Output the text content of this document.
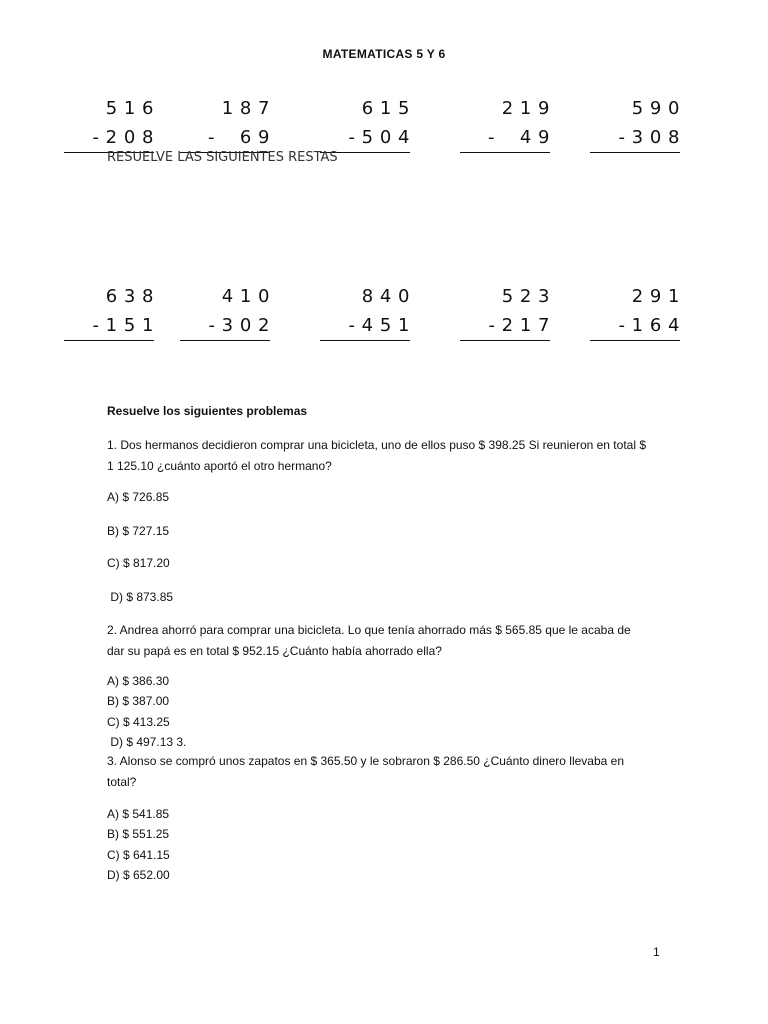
MATEMATICAS 5 Y 6
5 1 6
- 2 0 8
1 8 7
-    6 9
6 1 5
- 5 0 4
2 1 9
-    4 9
5 9 0
- 3 0 8
RESUELVE LAS SIGUIENTES RESTAS
6 3 8
- 1 5 1
4 1 0
- 3 0 2
8 4 0
- 4 5 1
5 2 3
- 2 1 7
2 9 1
- 1 6 4
Resuelve los siguientes problemas
1. Dos hermanos decidieron comprar una bicicleta, uno de ellos puso $ 398.25 Si reunieron en total $ 1 125.10 ¿cuánto aportó el otro hermano?
A) $ 726.85
B) $ 727.15
C) $ 817.20
D) $ 873.85
2. Andrea ahorró para comprar una bicicleta. Lo que tenía ahorrado más $ 565.85 que le acaba de dar su papá es en total $ 952.15 ¿Cuánto había ahorrado ella?
A) $ 386.30
B) $ 387.00
C) $ 413.25
D) $ 497.13 3.
3. Alonso se compró unos zapatos en $ 365.50 y le sobraron $ 286.50 ¿Cuánto dinero llevaba en total?
A) $ 541.85
B) $ 551.25
C) $ 641.15
D) $ 652.00
1
